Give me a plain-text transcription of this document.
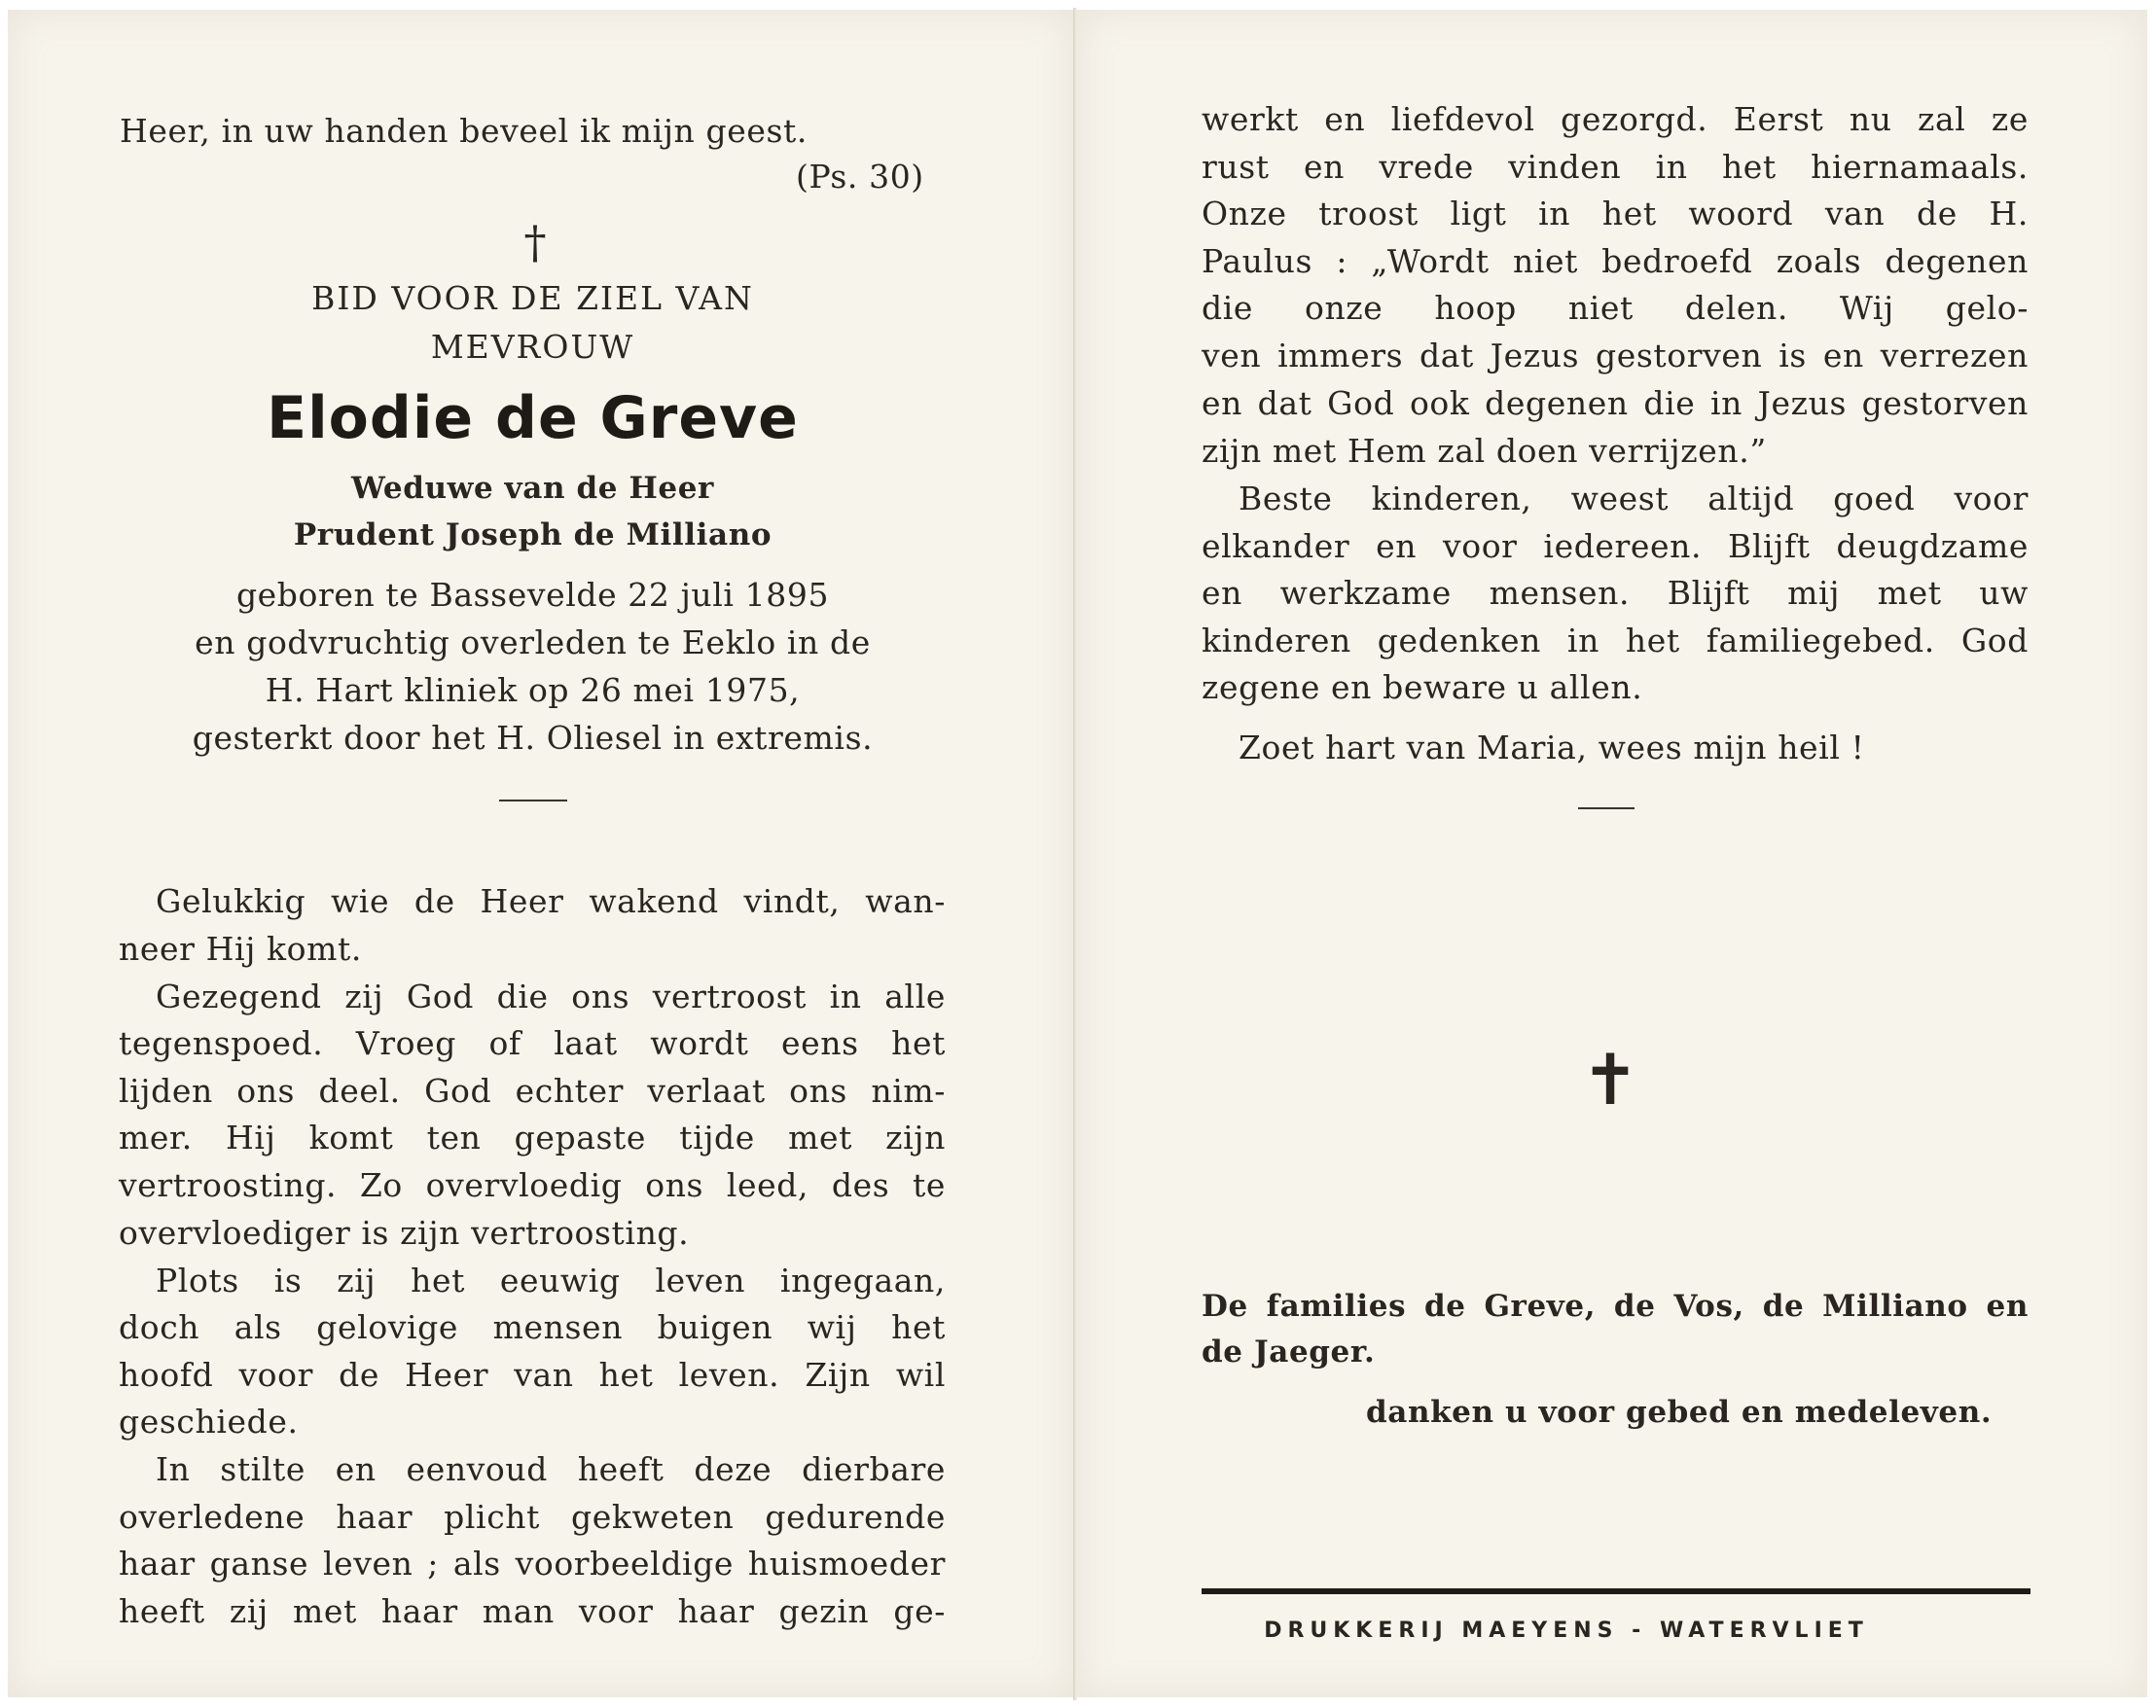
Heer, in uw handen beveel ik mijn geest.
(Ps. 30)
†
BID VOOR DE ZIEL VAN
MEVROUW
Elodie de Greve
Weduwe van de Heer
Prudent Joseph de Milliano
geboren te Bassevelde 22 juli 1895
en godvruchtig overleden te Eeklo in de
H. Hart kliniek op 26 mei 1975,
gesterkt door het H. Oliesel in extremis.
Gelukkig wie de Heer wakend vindt, wan-
neer Hij komt.
Gezegend zij God die ons vertroost in alle
tegenspoed. Vroeg of laat wordt eens het
lijden ons deel. God echter verlaat ons nim-
mer. Hij komt ten gepaste tijde met zijn
vertroosting. Zo overvloedig ons leed, des te
overvloediger is zijn vertroosting.
Plots is zij het eeuwig leven ingegaan,
doch als gelovige mensen buigen wij het
hoofd voor de Heer van het leven. Zijn wil
geschiede.
In stilte en eenvoud heeft deze dierbare
overledene haar plicht gekweten gedurende
haar ganse leven ; als voorbeeldige huismoeder
heeft zij met haar man voor haar gezin ge-
werkt en liefdevol gezorgd. Eerst nu zal ze
rust en vrede vinden in het hiernamaals.
Onze troost ligt in het woord van de H.
Paulus : „Wordt niet bedroefd zoals degenen
die onze hoop niet delen. Wij gelo-
ven immers dat Jezus gestorven is en verrezen
en dat God ook degenen die in Jezus gestorven
zijn met Hem zal doen verrijzen.”
Beste kinderen, weest altijd goed voor
elkander en voor iedereen. Blijft deugdzame
en werkzame mensen. Blijft mij met uw
kinderen gedenken in het familiegebed. God
zegene en beware u allen.
Zoet hart van Maria, wees mijn heil !
✝
De families de Greve, de Vos, de Milliano en
de Jaeger.
danken u voor gebed en medeleven.
DRUKKERIJ MAEYENS - WATERVLIET
